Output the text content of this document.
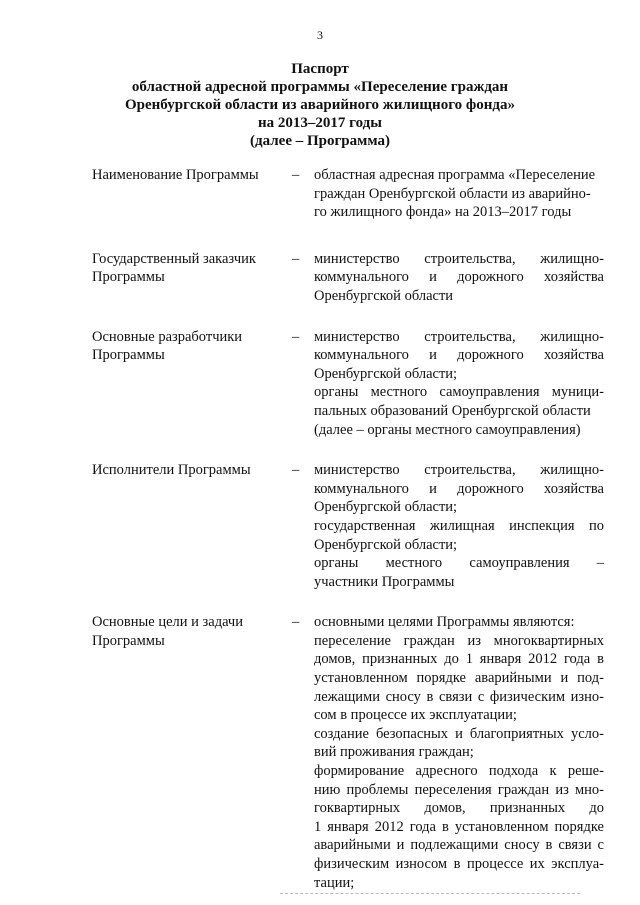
3
Паспорт
областной адресной программы «Переселение граждан
Оренбургской области из аварийного жилищного фонда»
на 2013–2017 годы
(далее – Программа)
Наименование Программы	– областная адресная программа «Переселение
граждан Оренбургской области из аварийно-
го жилищного фонда» на 2013–2017 годы
Государственный заказчик
Программы
– министерство строительства, жилищно-
коммунального и дорожного хозяйства
Оренбургской области
Основные разработчики
Программы
– министерство строительства, жилищно-
коммунального и дорожного хозяйства
Оренбургской области;
органы местного самоуправления муници-
пальных образований Оренбургской области
(далее – органы местного самоуправления)
Исполнители Программы	– министерство строительства, жилищно-
коммунального и дорожного хозяйства
Оренбургской области;
государственная жилищная инспекция по
Оренбургской области;
органы местного самоуправления –
участники Программы
Основные цели и задачи
Программы
– основными целями Программы являются:
переселение граждан из многоквартирных
домов, признанных до 1 января 2012 года в
установленном порядке аварийными и под-
лежащими сносу в связи с физическим изно-
сом в процессе их эксплуатации;
создание безопасных и благоприятных усло-
вий проживания граждан;
формирование адресного подхода к реше-
нию проблемы переселения граждан из мно-
гоквартирных домов, признанных до
1 января 2012 года в установленном порядке
аварийными и подлежащими сносу в связи с
физическим износом в процессе их эксплуа-
тации;
